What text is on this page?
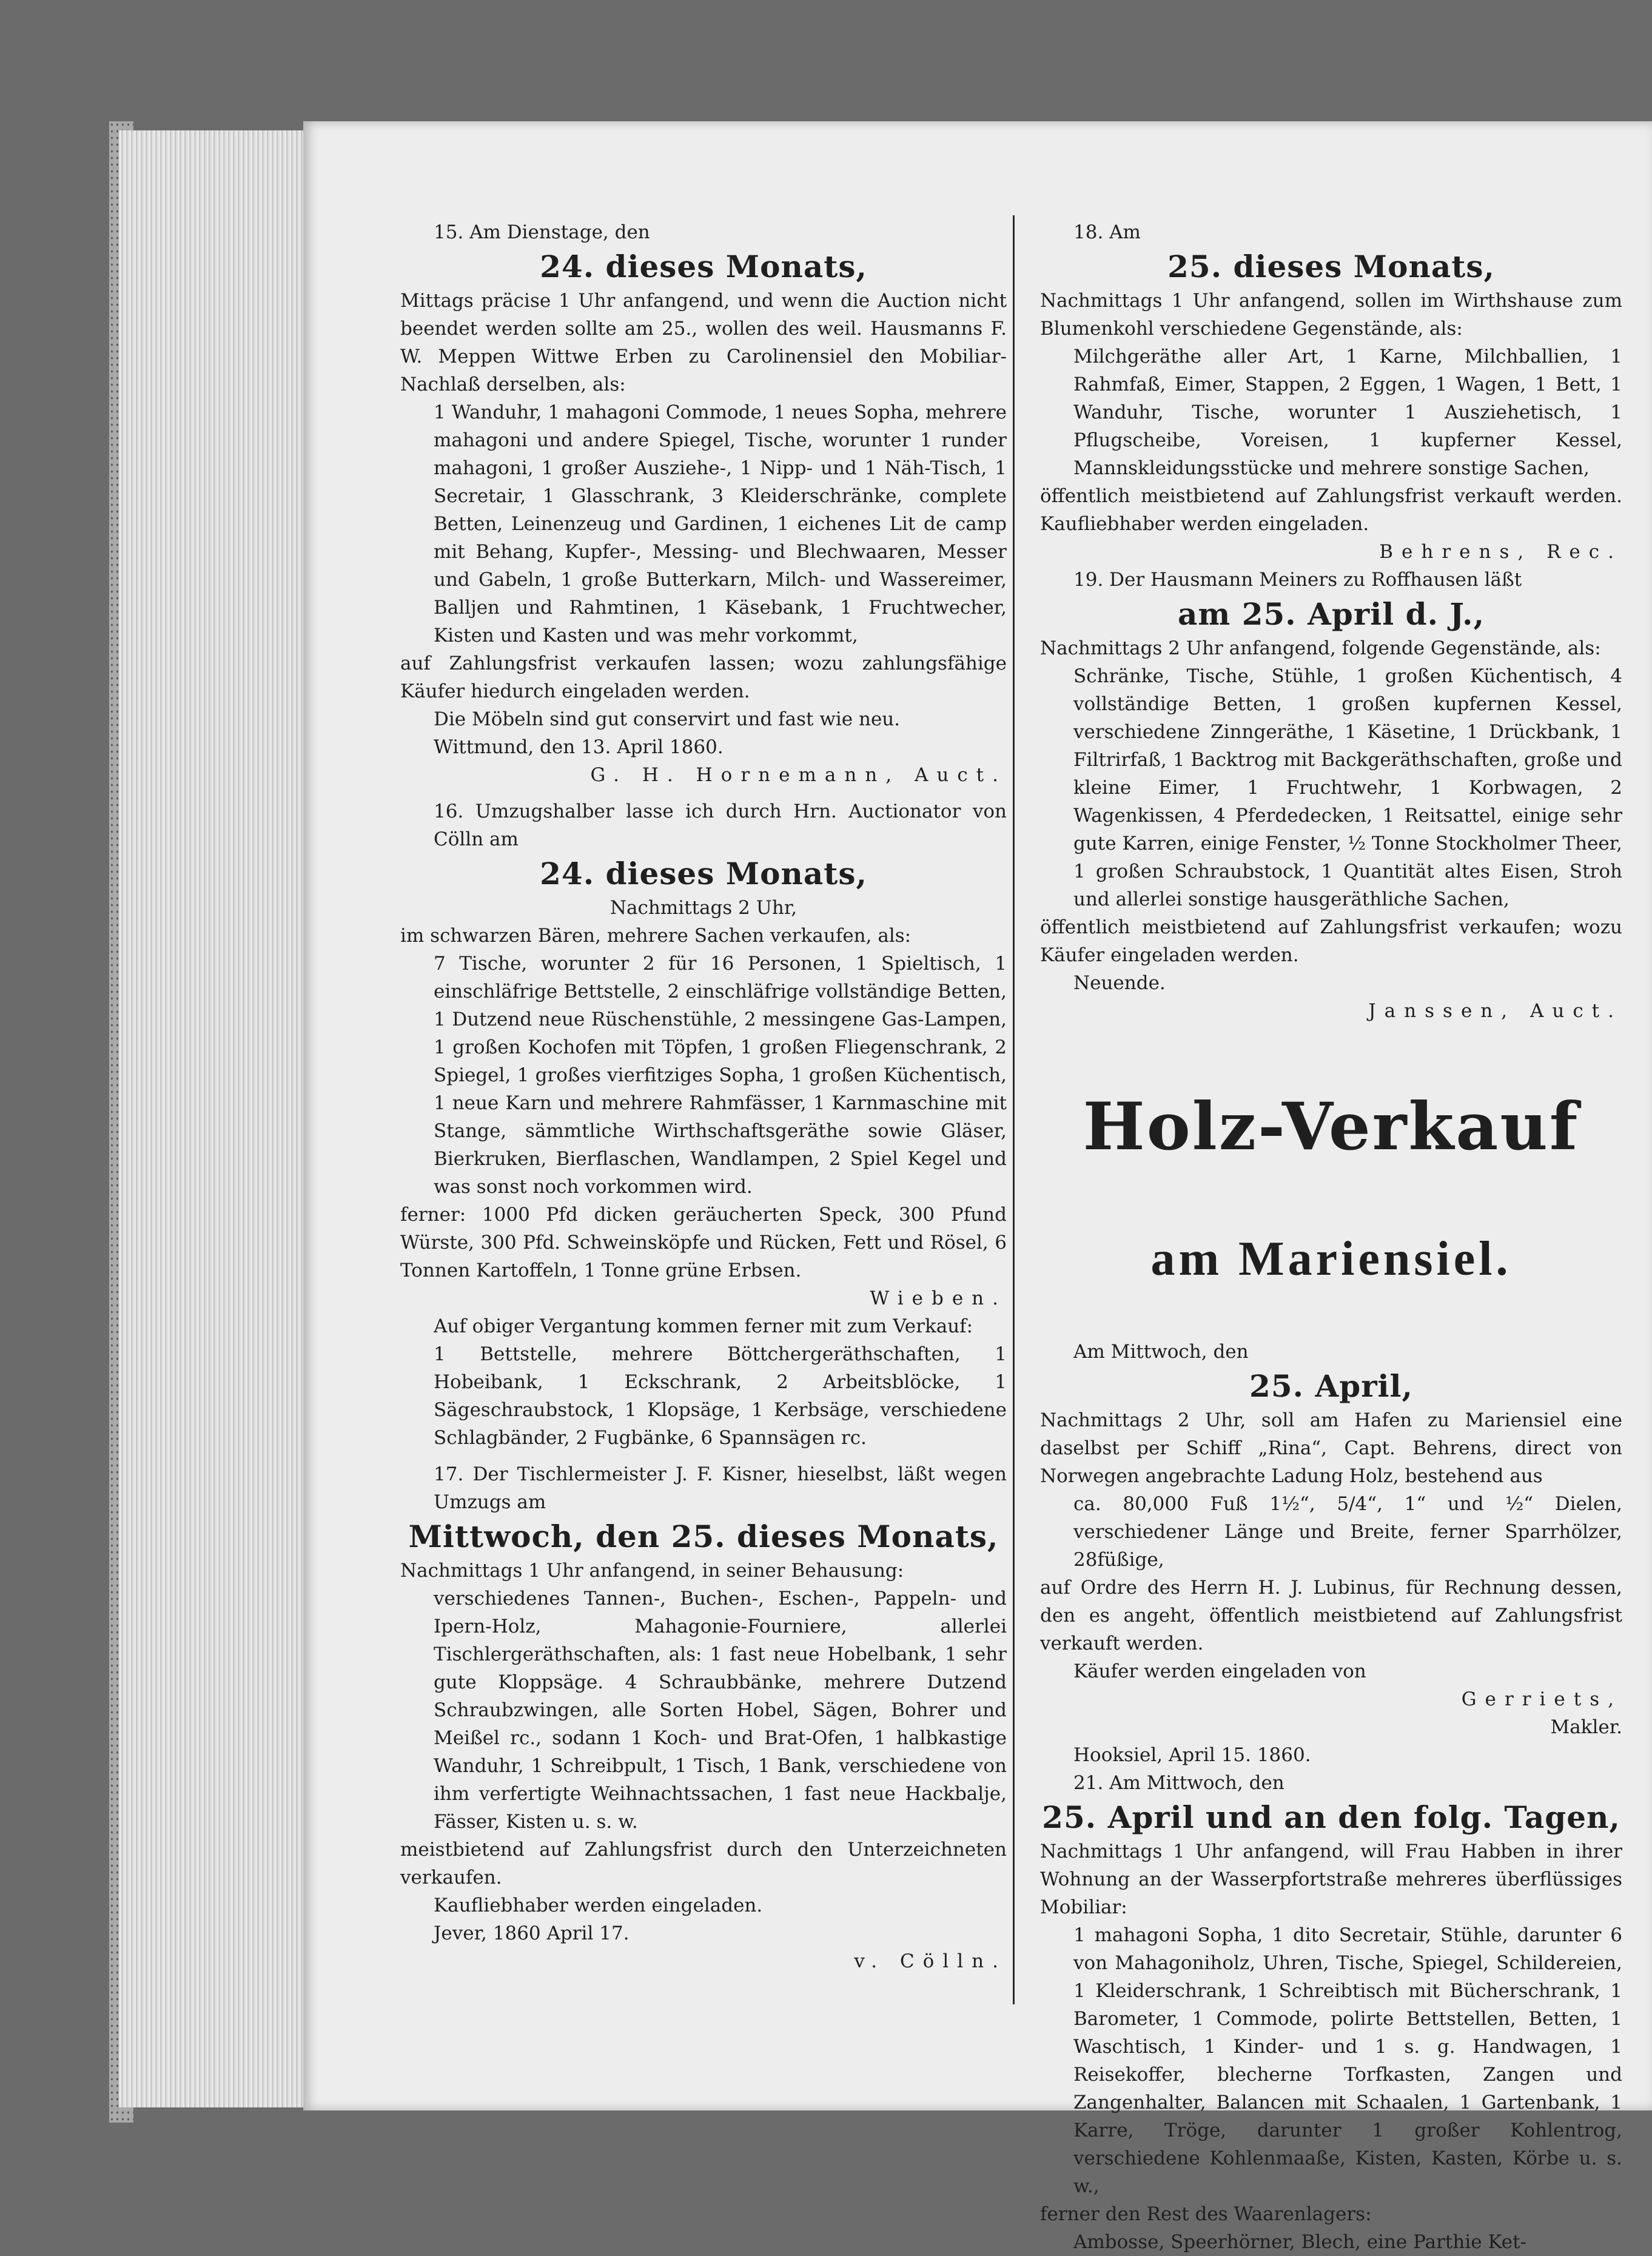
15. Am Dienstage, den

24. dieses Monats,

Mittags präcise 1 Uhr anfangend, und wenn die Auction nicht beendet werden sollte am 25., wollen des weil. Hausmanns F. W. Meppen Wittwe Erben zu Carolinensiel den Mobiliar-Nachlaß derselben, als:

1 Wanduhr, 1 mahagoni Commode, 1 neues Sopha, mehrere mahagoni und andere Spiegel, Tische, worunter 1 runder mahagoni, 1 großer Ausziehe-, 1 Nipp- und 1 Näh-Tisch, 1 Secretair, 1 Glasschrank, 3 Kleiderschränke, complete Betten, Leinenzeug und Gardinen, 1 eichenes Lit de camp mit Behang, Kupfer-, Messing- und Blechwaaren, Messer und Gabeln, 1 große Butterkarn, Milch- und Wassereimer, Balljen und Rahmtinen, 1 Käsebank, 1 Fruchtwecher, Kisten und Kasten und was mehr vorkommt,

auf Zahlungsfrist verkaufen lassen; wozu zahlungsfähige Käufer hiedurch eingeladen werden.

Die Möbeln sind gut conservirt und fast wie neu.

Wittmund, den 13. April 1860.

G. H. Hornemann, Auct.

16. Umzugshalber lasse ich durch Hrn. Auctionator von Cölln am

24. dieses Monats,

Nachmittags 2 Uhr,

im schwarzen Bären, mehrere Sachen verkaufen, als:

7 Tische, worunter 2 für 16 Personen, 1 Spieltisch, 1 einschläfrige Bettstelle, 2 einschläfrige vollständige Betten, 1 Dutzend neue Rüschenstühle, 2 messingene Gas-Lampen, 1 großen Kochofen mit Töpfen, 1 großen Fliegenschrank, 2 Spiegel, 1 großes vierfitziges Sopha, 1 großen Küchentisch, 1 neue Karn und mehrere Rahmfässer, 1 Karnmaschine mit Stange, sämmtliche Wirthschaftsgeräthe sowie Gläser, Bierkruken, Bierflaschen, Wandlampen, 2 Spiel Kegel und was sonst noch vorkommen wird.

ferner: 1000 Pfd dicken geräucherten Speck, 300 Pfund Würste, 300 Pfd. Schweinsköpfe und Rücken, Fett und Rösel, 6 Tonnen Kartoffeln, 1 Tonne grüne Erbsen.

Wieben.

Auf obiger Vergantung kommen ferner mit zum Verkauf:

1 Bettstelle, mehrere Böttchergeräthschaften, 1 Hobeibank, 1 Eckschrank, 2 Arbeitsblöcke, 1 Sägeschraubstock, 1 Klopsäge, 1 Kerbsäge, verschiedene Schlagbänder, 2 Fugbänke, 6 Spannsägen rc.

17. Der Tischlermeister J. F. Kisner, hieselbst, läßt wegen Umzugs am

Mittwoch, den 25. dieses Monats,

Nachmittags 1 Uhr anfangend, in seiner Behausung:

verschiedenes Tannen-, Buchen-, Eschen-, Pappeln- und Ipern-Holz, Mahagonie-Fourniere, allerlei Tischlergeräthschaften, als: 1 fast neue Hobelbank, 1 sehr gute Kloppsäge. 4 Schraubbänke, mehrere Dutzend Schraubzwingen, alle Sorten Hobel, Sägen, Bohrer und Meißel rc., sodann 1 Koch- und Brat-Ofen, 1 halbkastige Wanduhr, 1 Schreibpult, 1 Tisch, 1 Bank, verschiedene von ihm verfertigte Weihnachtssachen, 1 fast neue Hackbalje, Fässer, Kisten u. s. w.

meistbietend auf Zahlungsfrist durch den Unterzeichneten verkaufen.

Kaufliebhaber werden eingeladen.

Jever, 1860 April 17.

v. Cölln.

18. Am

25. dieses Monats,

Nachmittags 1 Uhr anfangend, sollen im Wirthshause zum Blumenkohl verschiedene Gegenstände, als:

Milchgeräthe aller Art, 1 Karne, Milchballien, 1 Rahmfaß, Eimer, Stappen, 2 Eggen, 1 Wagen, 1 Bett, 1 Wanduhr, Tische, worunter 1 Ausziehetisch, 1 Pflugscheibe, Voreisen, 1 kupferner Kessel, Mannskleidungsstücke und mehrere sonstige Sachen,

öffentlich meistbietend auf Zahlungsfrist verkauft werden. Kaufliebhaber werden eingeladen.

Behrens, Rec.

19. Der Hausmann Meiners zu Roffhausen läßt

am 25. April d. J.,

Nachmittags 2 Uhr anfangend, folgende Gegenstände, als:

Schränke, Tische, Stühle, 1 großen Küchentisch, 4 vollständige Betten, 1 großen kupfernen Kessel, verschiedene Zinngeräthe, 1 Käsetine, 1 Drückbank, 1 Filtrirfaß, 1 Backtrog mit Backgeräthschaften, große und kleine Eimer, 1 Fruchtwehr, 1 Korbwagen, 2 Wagenkissen, 4 Pferdedecken, 1 Reitsattel, einige sehr gute Karren, einige Fenster, ½ Tonne Stockholmer Theer, 1 großen Schraubstock, 1 Quantität altes Eisen, Stroh und allerlei sonstige hausgeräthliche Sachen,

öffentlich meistbietend auf Zahlungsfrist verkaufen; wozu Käufer eingeladen werden.

Neuende.

Janssen, Auct.

Holz-Verkauf

am Mariensiel.

Am Mittwoch, den

25. April,

Nachmittags 2 Uhr, soll am Hafen zu Mariensiel eine daselbst per Schiff „Rina“, Capt. Behrens, direct von Norwegen angebrachte Ladung Holz, bestehend aus

ca. 80,000 Fuß 1½“, 5/4“, 1“ und ½“ Dielen, verschiedener Länge und Breite, ferner Sparrhölzer, 28füßige,

auf Ordre des Herrn H. J. Lubinus, für Rechnung dessen, den es angeht, öffentlich meistbietend auf Zahlungsfrist verkauft werden.

Käufer werden eingeladen von

Gerriets,

Makler.

Hooksiel, April 15. 1860.

21. Am Mittwoch, den

25. April und an den folg. Tagen,

Nachmittags 1 Uhr anfangend, will Frau Habben in ihrer Wohnung an der Wasserpfortstraße mehreres überflüssiges Mobiliar:

1 mahagoni Sopha, 1 dito Secretair, Stühle, darunter 6 von Mahagoniholz, Uhren, Tische, Spiegel, Schildereien, 1 Kleiderschrank, 1 Schreibtisch mit Bücherschrank, 1 Barometer, 1 Commode, polirte Bettstellen, Betten, 1 Waschtisch, 1 Kinder- und 1 s. g. Handwagen, 1 Reisekoffer, blecherne Torfkasten, Zangen und Zangenhalter, Balancen mit Schaalen, 1 Gartenbank, 1 Karre, Tröge, darunter 1 großer Kohlentrog, verschiedene Kohlenmaaße, Kisten, Kasten, Körbe u. s. w.,

ferner den Rest des Waarenlagers:

Ambosse, Speerhörner, Blech, eine Parthie Ket-
